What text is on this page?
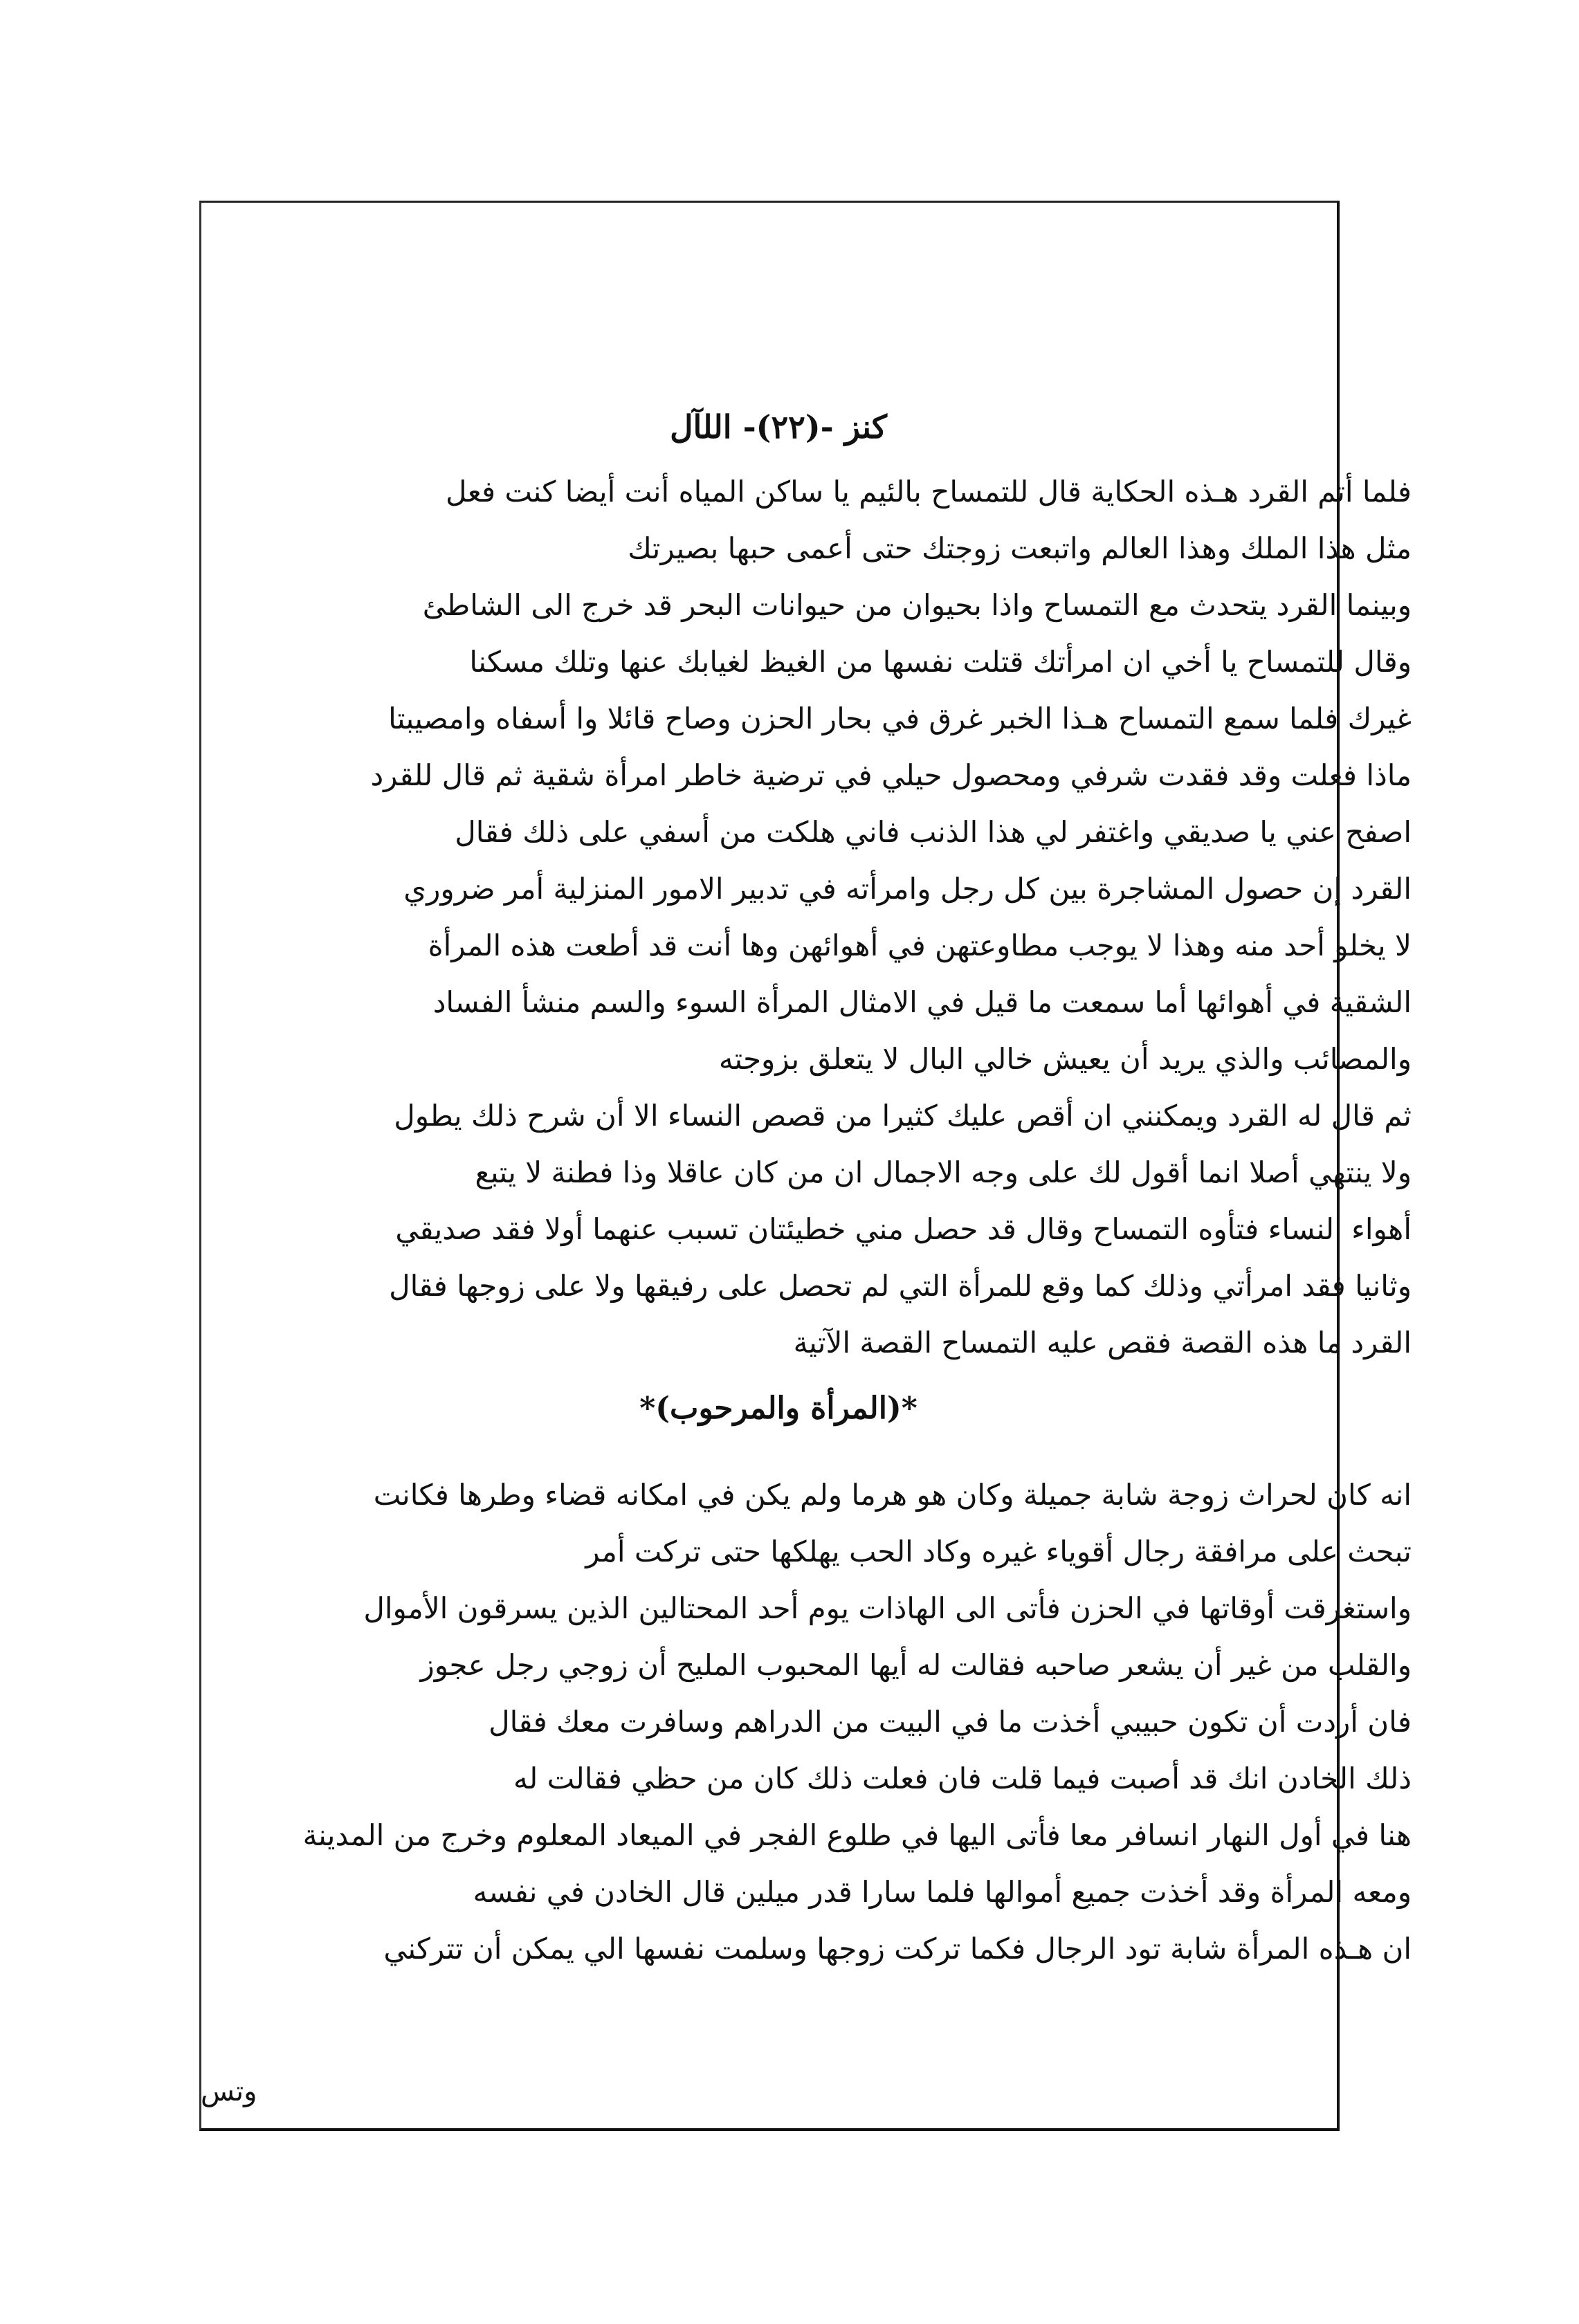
كنز -(٢٢)- اللآل
فلما أتم القرد هـذه الحكاية قال للتمساح بالئيم يا ساكن المياه أنت أيضا كنت فعل
مثل هذا الملك وهذا العالم واتبعت زوجتك حتى أعمى حبها بصيرتك
وبينما القرد يتحدث مع التمساح واذا بحيوان من حيوانات البحر قد خرج الى الشاطئ
وقال للتمساح يا أخي ان امرأتك قتلت نفسها من الغيظ لغيابك عنها وتلك مسكنا
غيرك فلما سمع التمساح هـذا الخبر غرق في بحار الحزن وصاح قائلا وا أسفاه وامصيبتا
ماذا فعلت وقد فقدت شرفي ومحصول حيلي في ترضية خاطر امرأة شقية ثم قال للقرد
اصفح عني يا صديقي واغتفر لي هذا الذنب فاني هلكت من أسفي على ذلك فقال
القرد إن حصول المشاجرة بين كل رجل وامرأته في تدبير الامور المنزلية أمر ضروري
لا يخلو أحد منه وهذا لا يوجب مطاوعتهن في أهوائهن وها أنت قد أطعت هذه المرأة
الشقية في أهوائها أما سمعت ما قيل في الامثال المرأة السوء والسم منشأ الفساد
والمصائب والذي يريد أن يعيش خالي البال لا يتعلق بزوجته
ثم قال له القرد ويمكنني ان أقص عليك كثيرا من قصص النساء الا أن شرح ذلك يطول
ولا ينتهي أصلا انما أقول لك على وجه الاجمال ان من كان عاقلا وذا فطنة لا يتبع
أهواء النساء فتأوه التمساح وقال قد حصل مني خطيئتان تسبب عنهما أولا فقد صديقي
وثانيا فقد امرأتي وذلك كما وقع للمرأة التي لم تحصل على رفيقها ولا على زوجها فقال
القرد ما هذه القصة فقص عليه التمساح القصة الآتية
*(المرأة والمرحوب)*
انه كان لحراث زوجة شابة جميلة وكان هو هرما ولم يكن في امكانه قضاء وطرها فكانت
تبحث على مرافقة رجال أقوياء غيره وكاد الحب يهلكها حتى تركت أمر
واستغرقت أوقاتها في الحزن فأتى الى الهاذات يوم أحد المحتالين الذين يسرقون الأموال
والقلب من غير أن يشعر صاحبه فقالت له أيها المحبوب المليح أن زوجي رجل عجوز
فان أردت أن تكون حبيبي أخذت ما في البيت من الدراهم وسافرت معك فقال
ذلك الخادن انك قد أصبت فيما قلت فان فعلت ذلك كان من حظي فقالت له
هنا في أول النهار انسافر معا فأتى اليها في طلوع الفجر في الميعاد المعلوم وخرج من المدينة
ومعه المرأة وقد أخذت جميع أموالها فلما سارا قدر ميلين قال الخادن في نفسه
ان هـذه المرأة شابة تود الرجال فكما تركت زوجها وسلمت نفسها الي يمكن أن تتركني
وتس
